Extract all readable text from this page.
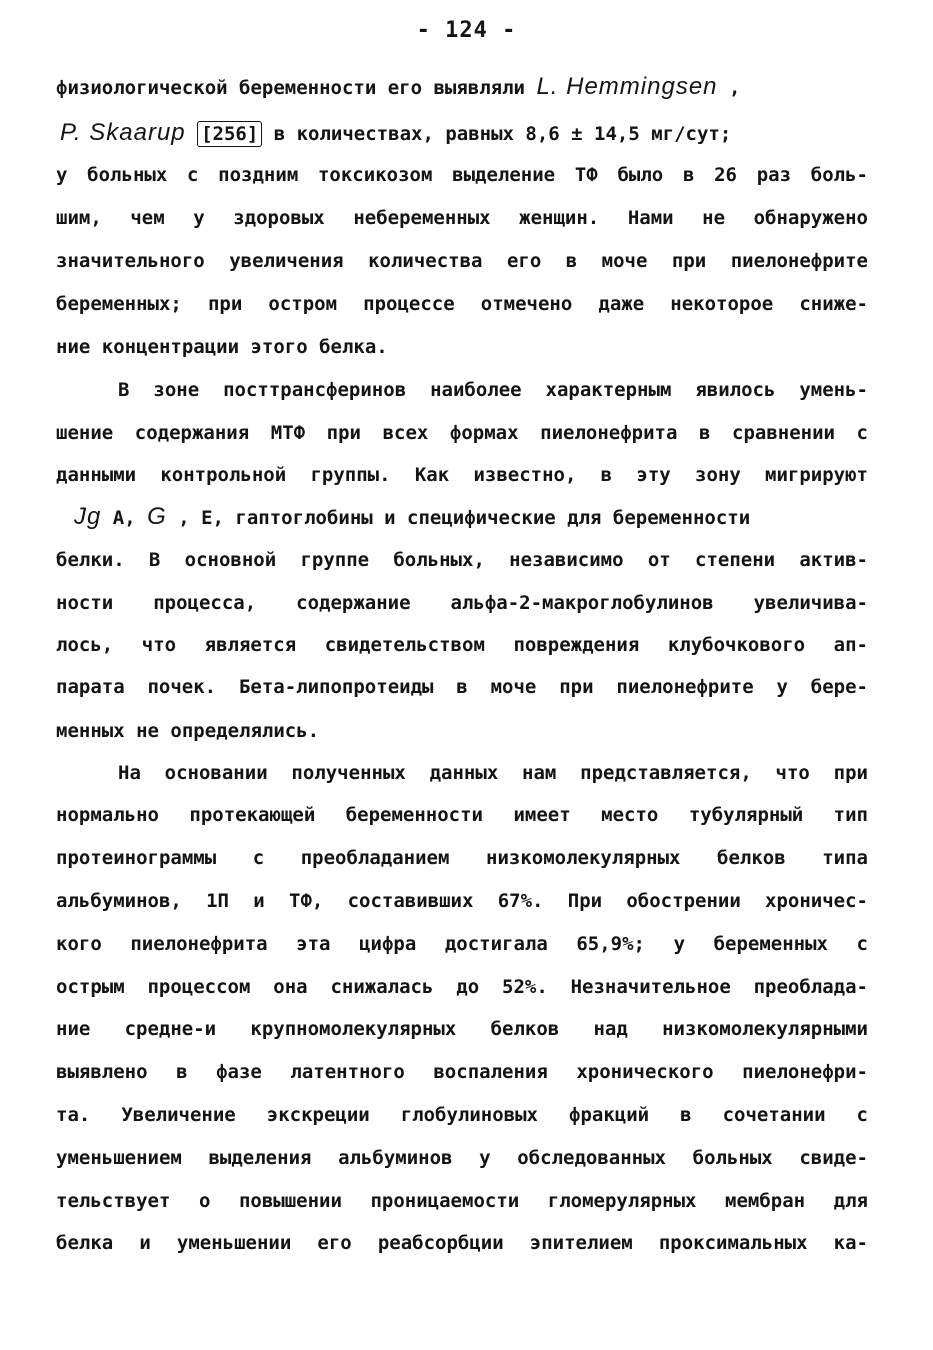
- 124 -
физиологической беременности его выявляли L. Hemmingsen ,
P. Skaarup [256] в количествах, равных 8,6 ± 14,5 мг/сут;
у больных с поздним токсикозом выделение ТФ было в 26 раз боль-
шим, чем у здоровых небеременных женщин. Нами не обнаружено
значительного увеличения количества его в моче при пиелонефрите
беременных; при остром процессе отмечено даже некоторое сниже-
ние концентрации этого белка.
В зоне посттрансферинов наиболее характерным явилось умень-
шение содержания МТФ при всех формах пиелонефрита в сравнении с
данными контрольной группы. Как известно, в эту зону мигрируют
Jg А, G , Е, гаптоглобины и специфические для беременности
белки. В основной группе больных, независимо от степени актив-
ности процесса, содержание альфа-2-макроглобулинов увеличива-
лось, что является свидетельством повреждения клубочкового ап-
парата почек. Бета-липопротеиды в моче при пиелонефрите у бере-
менных не определялись.
На основании полученных данных нам представляется, что при
нормально протекающей беременности имеет место тубулярный тип
протеинограммы с преобладанием низкомолекулярных белков типа
альбуминов, 1П и ТФ, составивших 67%. При обострении хроничес-
кого пиелонефрита эта цифра достигала 65,9%; у беременных с
острым процессом она снижалась до 52%. Незначительное преоблада-
ние средне-и крупномолекулярных белков над низкомолекулярными
выявлено в фазе латентного воспаления хронического пиелонефри-
та. Увеличение экскреции глобулиновых фракций в сочетании с
уменьшением выделения альбуминов у обследованных больных свиде-
тельствует о повышении проницаемости гломерулярных мембран для
белка и уменьшении его реабсорбции эпителием проксимальных ка-
